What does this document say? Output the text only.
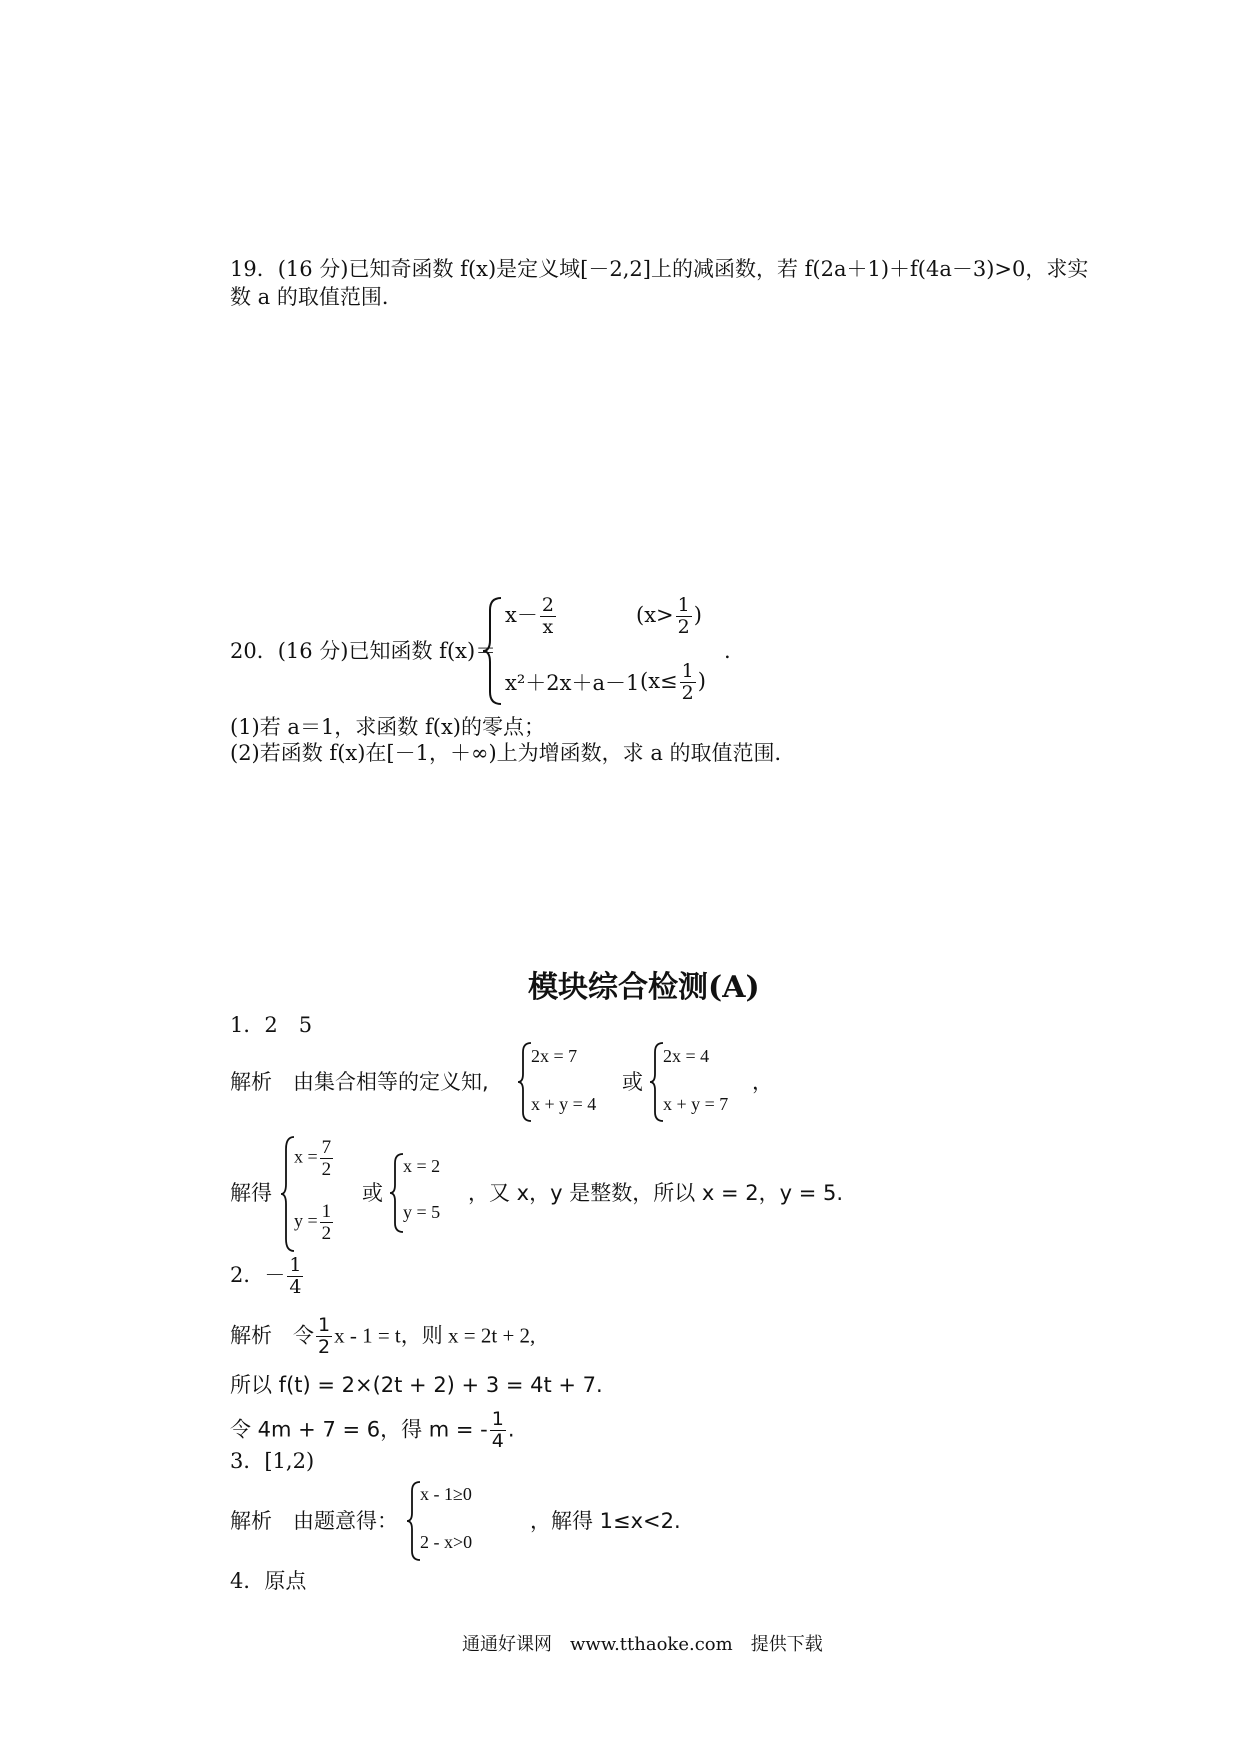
19．(16 分)已知奇函数 f(x)是定义域[－2,2]上的减函数，若 f(2a＋1)＋f(4a－3)>0，求实
数 a 的取值范围．
20．(16 分)已知函数 f(x)＝
$x- \frac{2}{x}$	($x> \frac{1}{2}$ )
x²＋2x＋a－1 ($x\le \frac{1}{2}$ )
.
(1)若 a＝1，求函数 f(x)的零点；
(2)若函数 f(x)在[－1，＋∞)上为增函数，求 a 的取值范围．
模块综合检测(A)
1．2　5
解析　由集合相等的定义知,
2x = 7
x + y = 4
或
2x = 4
x + y = 7
，
解得
$x = \frac{7}{2}$
$y = \frac{1}{2}$
或
x = 2
y = 5
，又 x，y 是整数，所以 x = 2，y = 5.
2．－ $\frac{1}{4}$
解析　令 $\frac{1}{2}$ x - 1 = t，则 x = 2t + 2,
所以 f(t) = 2×(2t + 2) + 3 = 4t + 7.
令 4m + 7 = 6，得 m = - $\frac{1}{4}$ .
3．[1,2)
解析　由题意得：
x - 1≥0
2 - x>0
，解得 1≤x<2.
4．原点
通通好课网　www.tthaoke.com　提供下载
